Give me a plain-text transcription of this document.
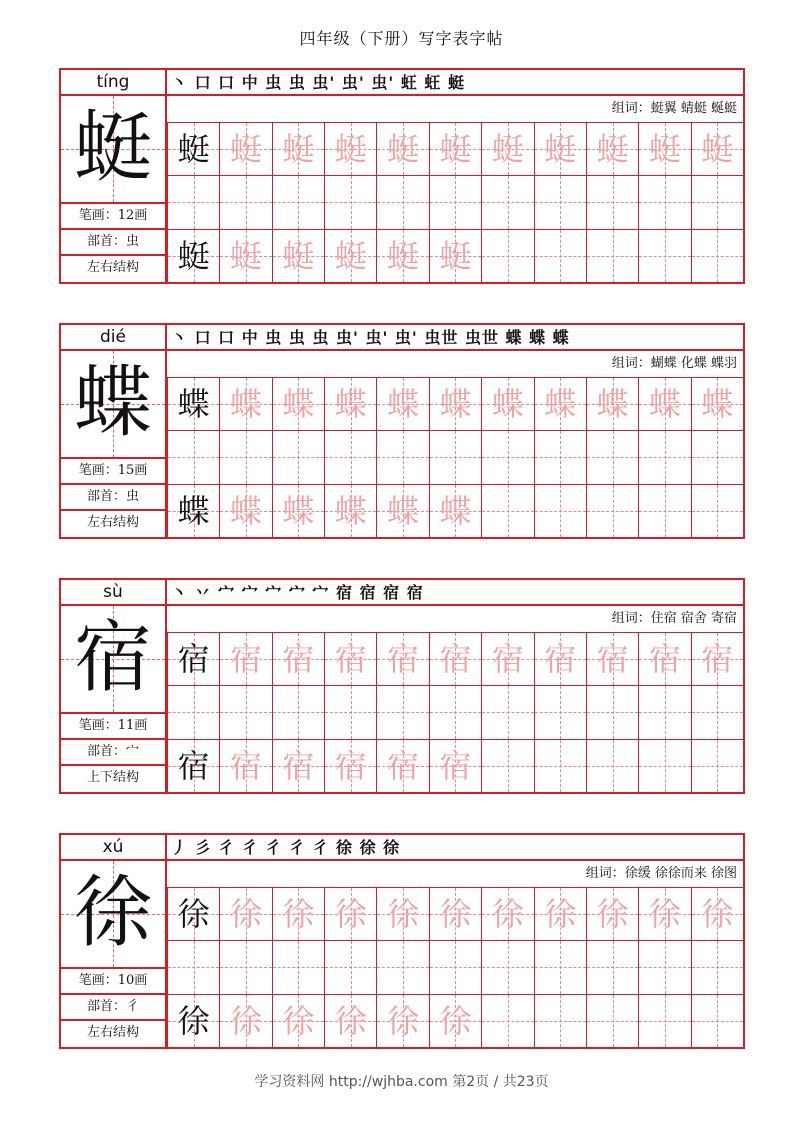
四年级（下册）写字表字帖
tíng
蜓
笔画：12画
部首：虫
左右结构
丶 口 口 中 虫 虫 虫' 虫' 虫' 蚟 蚟 蜓
组词：蜓翼 蜻蜓 蜒蜓
蜓 蜓 蜓 蜓 蜓 蜓 蜓 蜓 蜓 蜓 蜓
蜓 蜓 蜓 蜓 蜓 蜓
dié
蝶
笔画：15画
部首：虫
左右结构
丶 口 口 中 虫 虫 虫 虫' 虫' 虫' 虫世 虫世 蝶 蝶 蝶
组词：蝴蝶 化蝶 蝶羽
蝶 蝶 蝶 蝶 蝶 蝶 蝶 蝶 蝶 蝶 蝶
蝶 蝶 蝶 蝶 蝶 蝶
sù
宿
笔画：11画
部首：宀
上下结构
丶 丷 宀 宀 宀 宀 宀 宿 宿 宿 宿
组词：住宿 宿舍 寄宿
宿 宿 宿 宿 宿 宿 宿 宿 宿 宿 宿
宿 宿 宿 宿 宿 宿
xú
徐
笔画：10画
部首：彳
左右结构
丿 彡 彳 彳 彳 彳 彳 徐 徐 徐
组词：徐缓 徐徐而来 徐图
徐 徐 徐 徐 徐 徐 徐 徐 徐 徐 徐
徐 徐 徐 徐 徐 徐
学习资料网 http://wjhba.com 第2页 / 共23页
